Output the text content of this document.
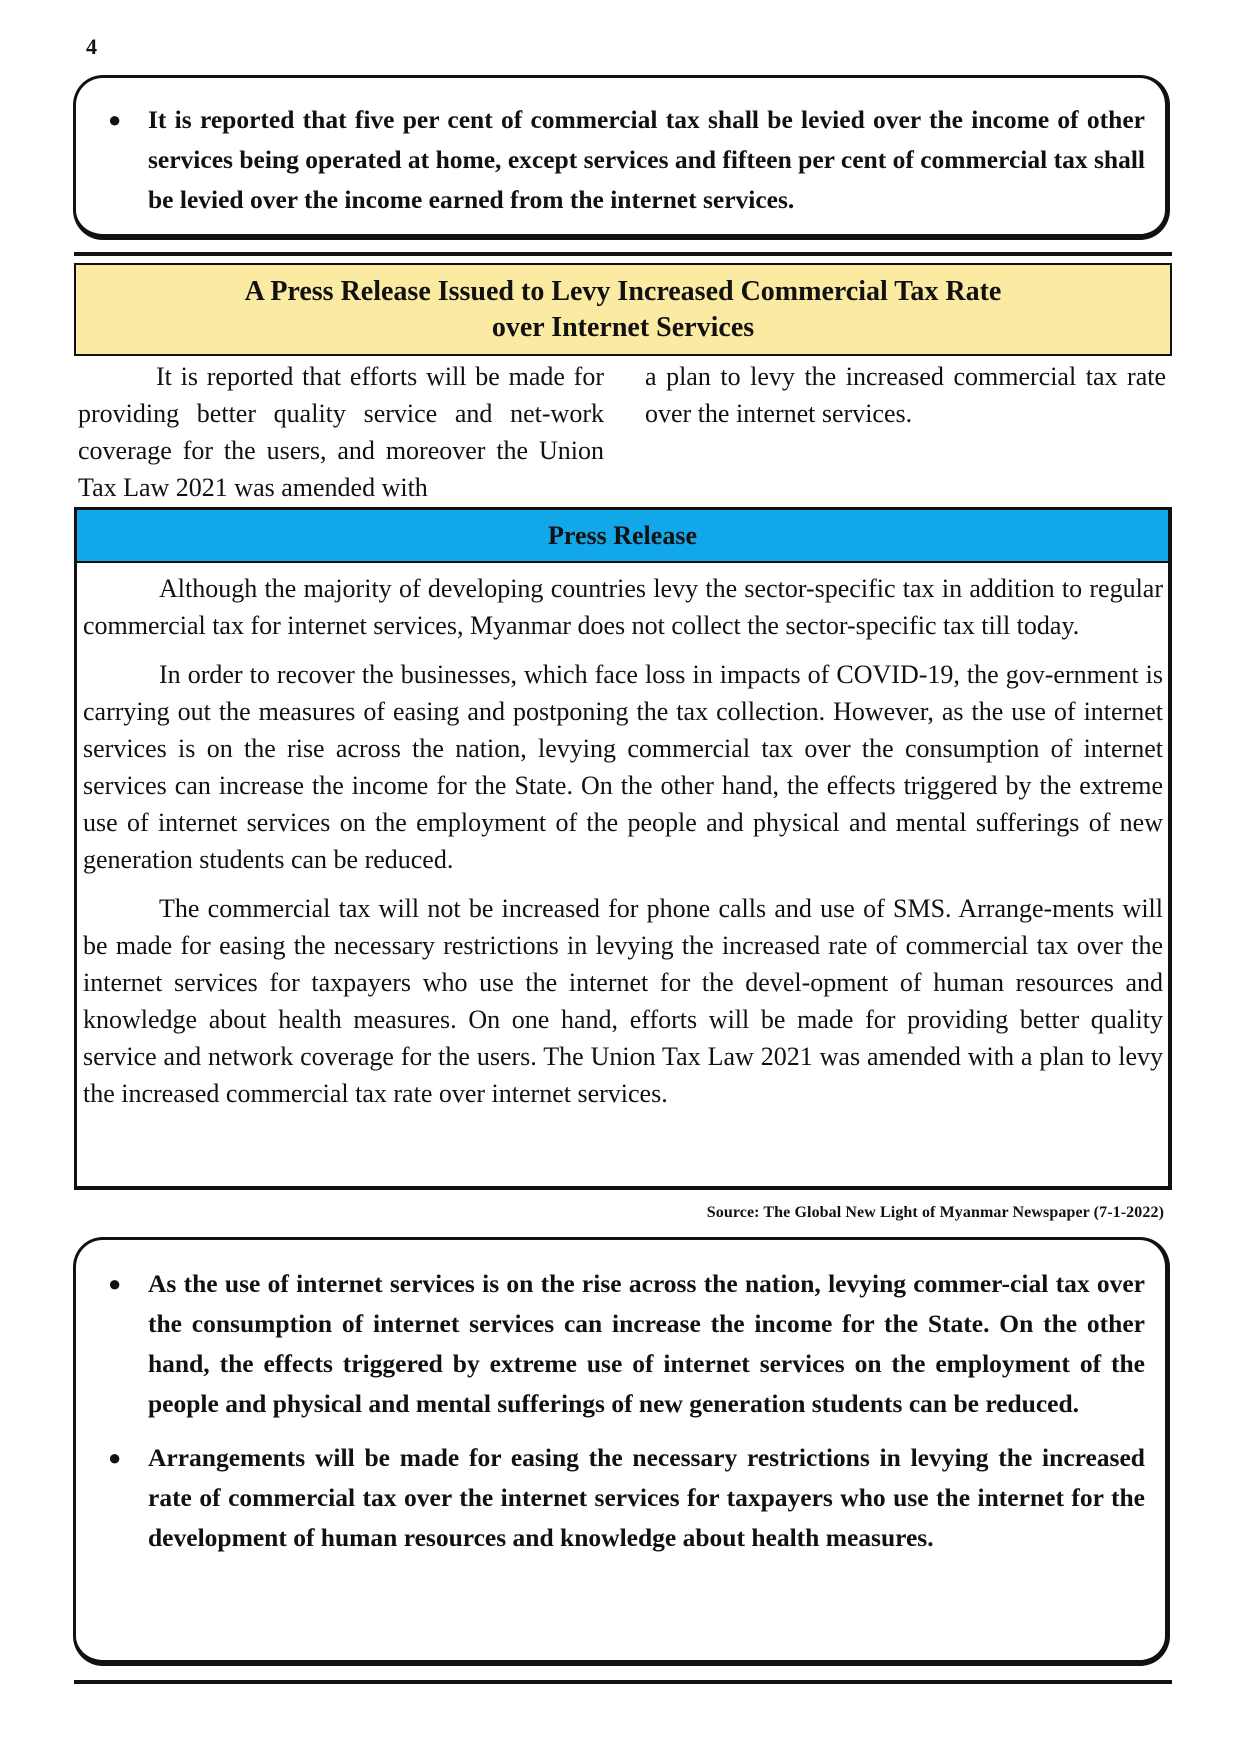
4
● It is reported that five per cent of commercial tax shall be levied over the income of other services being operated at home, except services and fifteen per cent of commercial tax shall be levied over the income earned from the internet services.
A Press Release Issued to Levy Increased Commercial Tax Rate
over Internet Services
It is reported that efforts will be made for providing better quality service and net-work coverage for the users, and moreover the Union Tax Law 2021 was amended with
a plan to levy the increased commercial tax rate over the internet services.
Press Release

Although the majority of developing countries levy the sector-specific tax in addition to regular commercial tax for internet services, Myanmar does not collect the sector-specific tax till today.

In order to recover the businesses, which face loss in impacts of COVID-19, the gov-ernment is carrying out the measures of easing and postponing the tax collection. However, as the use of internet services is on the rise across the nation, levying commercial tax over the consumption of internet services can increase the income for the State. On the other hand, the effects triggered by the extreme use of internet services on the employment of the people and physical and mental sufferings of new generation students can be reduced.

The commercial tax will not be increased for phone calls and use of SMS. Arrange-ments will be made for easing the necessary restrictions in levying the increased rate of commercial tax over the internet services for taxpayers who use the internet for the devel-opment of human resources and knowledge about health measures. On one hand, efforts will be made for providing better quality service and network coverage for the users. The Union Tax Law 2021 was amended with a plan to levy the increased commercial tax rate over internet services.

Source: The Global New Light of Myanmar Newspaper (7-1-2022)
● As the use of internet services is on the rise across the nation, levying commer-cial tax over the consumption of internet services can increase the income for the State. On the other hand, the effects triggered by extreme use of internet services on the employment of the people and physical and mental sufferings of new generation students can be reduced.
● Arrangements will be made for easing the necessary restrictions in levying the increased rate of commercial tax over the internet services for taxpayers who use the internet for the development of human resources and knowledge about health measures.
